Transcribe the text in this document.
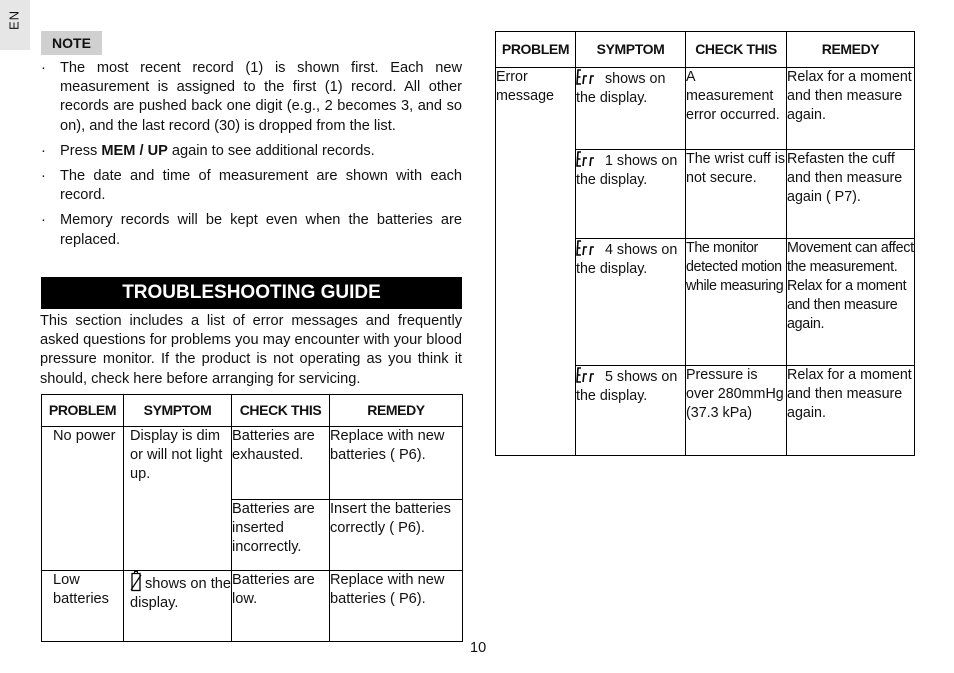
EN
NOTE
· The most recent record (1) is shown first. Each new measurement is assigned to the first (1) record. All other records are pushed back one digit (e.g., 2 becomes 3, and so on), and the last record (30) is dropped from the list.
· Press MEM / UP again to see additional records.
· The date and time of measurement are shown with each record.
· Memory records will be kept even when the batteries are replaced.
TROUBLESHOOTING GUIDE

This section includes a list of error messages and frequently asked questions for problems you may encounter with your blood pressure monitor. If the product is not operating as you think it should, check here before arranging for servicing.

PROBLEM	SYMPTOM	CHECK THIS	REMEDY
No power	Display is dim or will not light up.	Batteries are exhausted.	Replace with new batteries ( P6).
		Batteries are inserted incorrectly.	Insert the batteries correctly ( P6).
Low batteries	shows on the display.	Batteries are low.	Replace with new batteries ( P6).
PROBLEM	SYMPTOM	CHECK THIS	REMEDY
Error message	shows on the display.	A measurement error occurred.	Relax for a moment and then measure again.
	1 shows on the display.	The wrist cuff is not secure.	Refasten the cuff and then measure again ( P7).
	4 shows on the display.	The monitor detected motion while measuring	Movement can affect the measurement. Relax for a moment and then measure again.
	5 shows on the display.	Pressure is over 280mmHg (37.3 kPa)	Relax for a moment and then measure again.
10
